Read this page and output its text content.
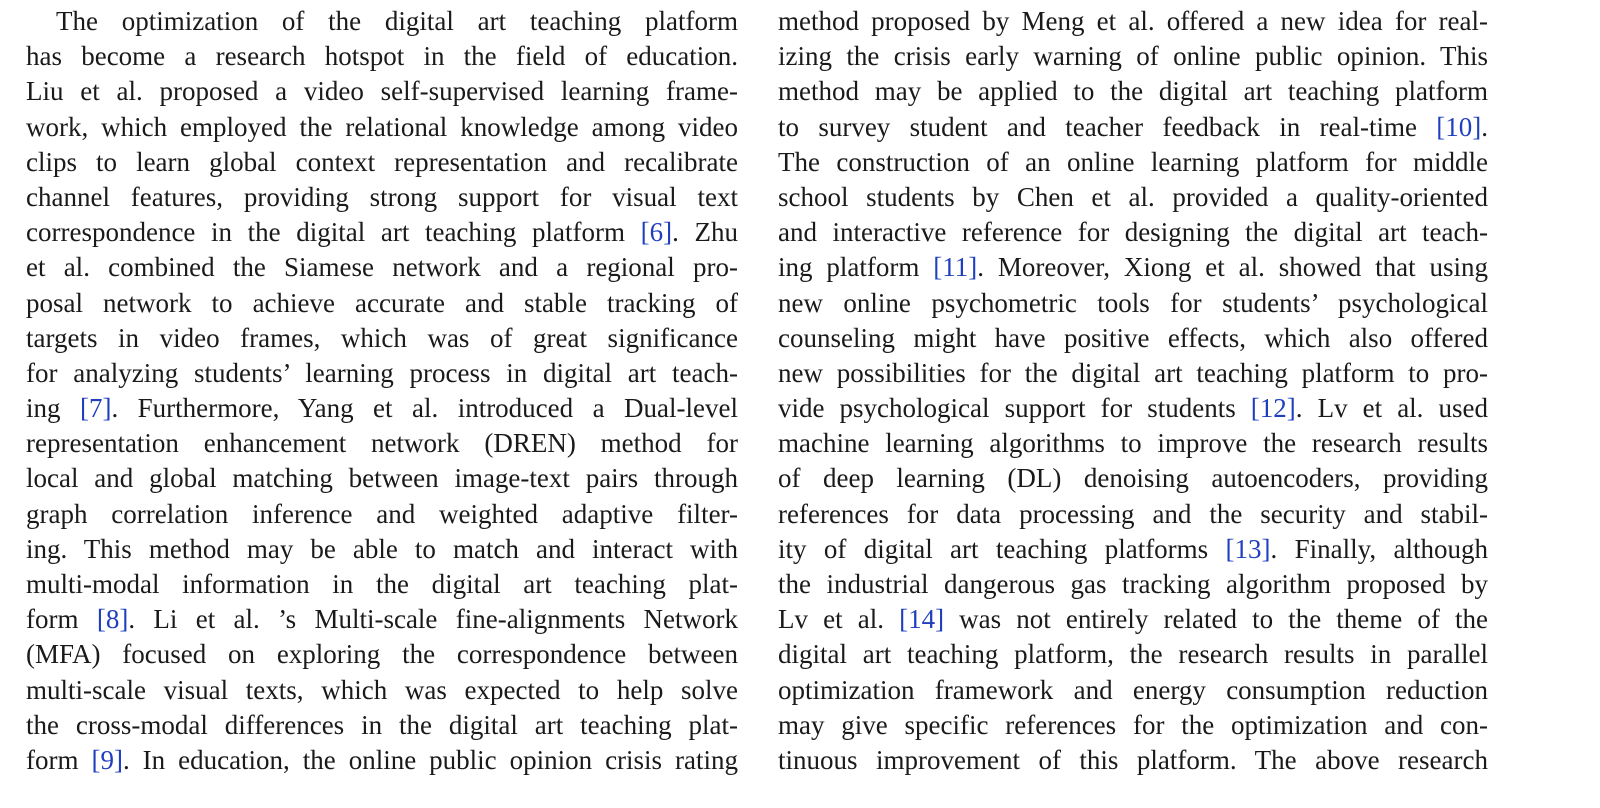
The optimization of the digital art teaching platform
has become a research hotspot in the field of education.
Liu et al. proposed a video self-supervised learning frame-
work, which employed the relational knowledge among video
clips to learn global context representation and recalibrate
channel features, providing strong support for visual text
correspondence in the digital art teaching platform [6]. Zhu
et al. combined the Siamese network and a regional pro-
posal network to achieve accurate and stable tracking of
targets in video frames, which was of great significance
for analyzing students’ learning process in digital art teach-
ing [7]. Furthermore, Yang et al. introduced a Dual-level
representation enhancement network (DREN) method for
local and global matching between image-text pairs through
graph correlation inference and weighted adaptive filter-
ing. This method may be able to match and interact with
multi-modal information in the digital art teaching plat-
form [8]. Li et al. ’s Multi-scale fine-alignments Network
(MFA) focused on exploring the correspondence between
multi-scale visual texts, which was expected to help solve
the cross-modal differences in the digital art teaching plat-
form [9]. In education, the online public opinion crisis rating
method proposed by Meng et al. offered a new idea for real-
izing the crisis early warning of online public opinion. This
method may be applied to the digital art teaching platform
to survey student and teacher feedback in real-time [10].
The construction of an online learning platform for middle
school students by Chen et al. provided a quality-oriented
and interactive reference for designing the digital art teach-
ing platform [11]. Moreover, Xiong et al. showed that using
new online psychometric tools for students’ psychological
counseling might have positive effects, which also offered
new possibilities for the digital art teaching platform to pro-
vide psychological support for students [12]. Lv et al. used
machine learning algorithms to improve the research results
of deep learning (DL) denoising autoencoders, providing
references for data processing and the security and stabil-
ity of digital art teaching platforms [13]. Finally, although
the industrial dangerous gas tracking algorithm proposed by
Lv et al. [14] was not entirely related to the theme of the
digital art teaching platform, the research results in parallel
optimization framework and energy consumption reduction
may give specific references for the optimization and con-
tinuous improvement of this platform. The above research
